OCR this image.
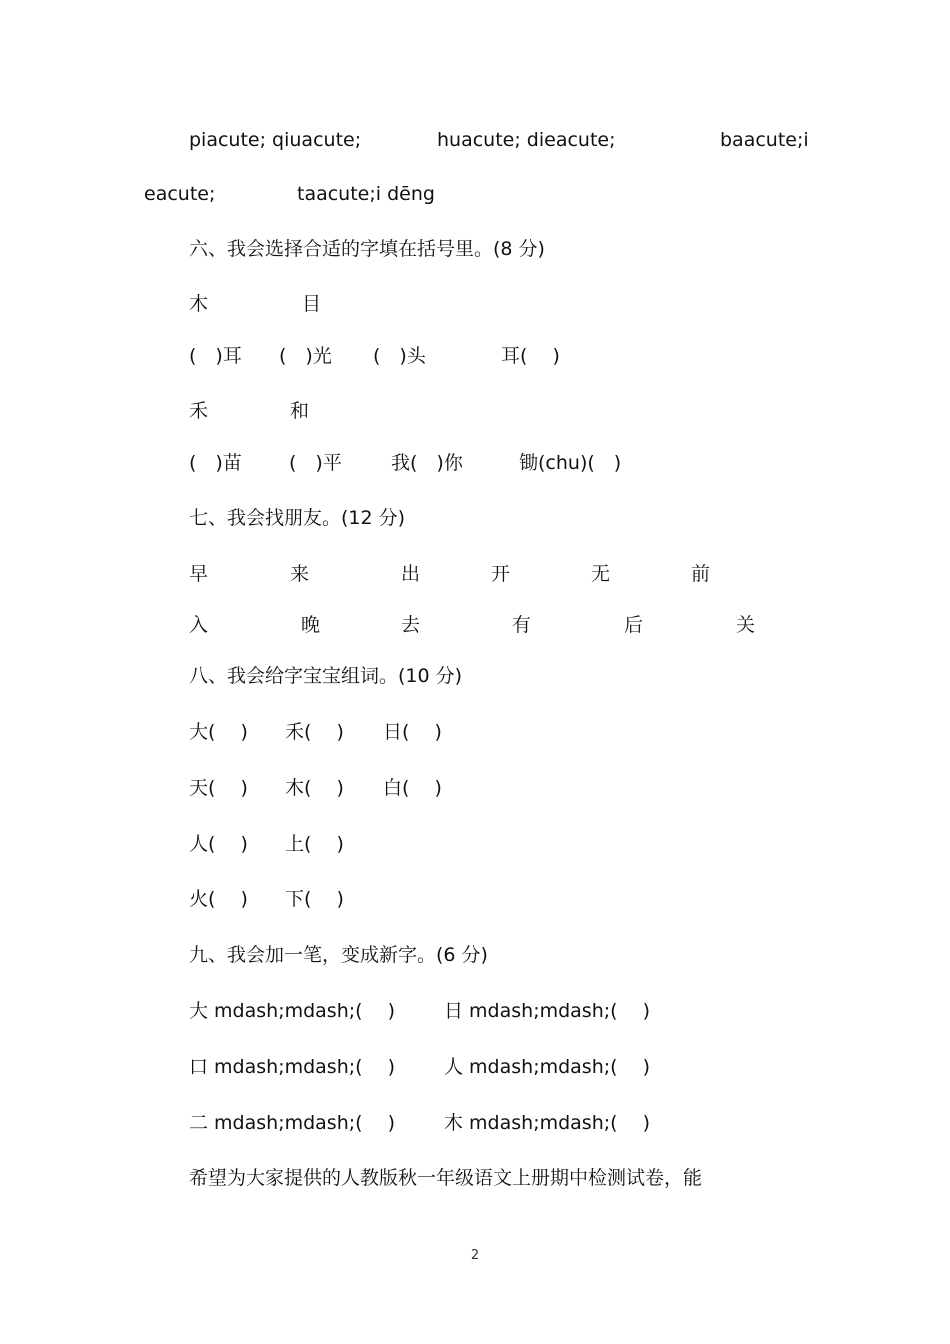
piacute; qiuacute;	huacute; dieacute;	baacute;i
eacute;	taacute;i dēng
六、我会选择合适的字填在括号里。(8 分)
木	目
(　)耳 (　)光 (　)头	耳(　 )
禾	和
(　)苗 (　)平	我(　)你	锄(chu)(　)
七、我会找朋友。(12 分)
早	来	出	开	无	前
入	晚	去	有	后	关
八、我会给字宝宝组词。(10 分)
大(　 ) 禾(　 ) 日(　 )
天(　 ) 木(　 ) 白(　 )
人(　 ) 上(　 )
火(　 ) 下(　 )
九、我会加一笔，变成新字。(6 分)
大 mdash;mdash;(　 )	日 mdash;mdash;(　 )
口 mdash;mdash;(　 )	人 mdash;mdash;(　 )
二 mdash;mdash;(　 )	木 mdash;mdash;(　 )
希望为大家提供的人教版秋一年级语文上册期中检测试卷，能
2
